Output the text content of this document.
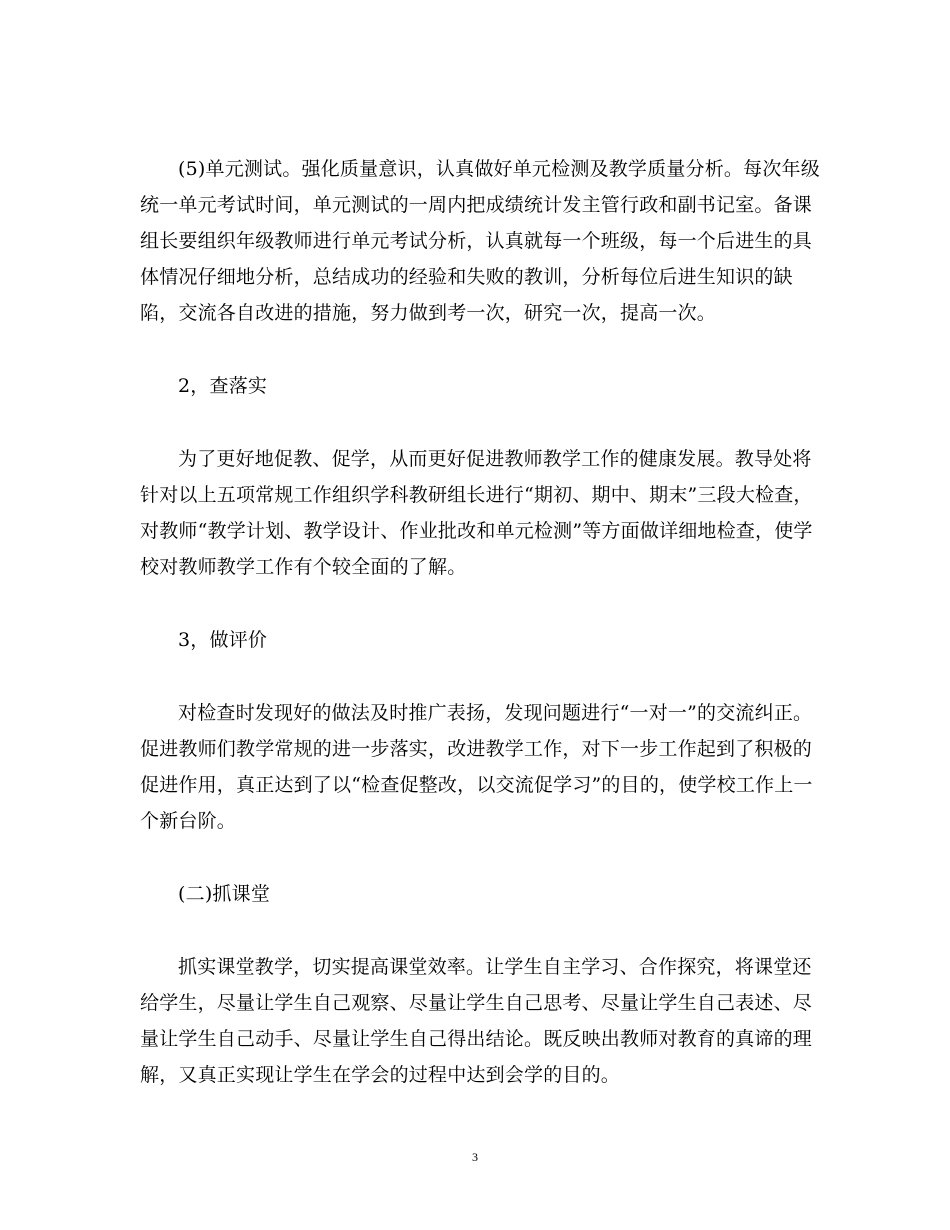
(5)单元测试。强化质量意识，认真做好单元检测及教学质量分析。每次年级
统一单元考试时间，单元测试的一周内把成绩统计发主管行政和副书记室。备课
组长要组织年级教师进行单元考试分析，认真就每一个班级，每一个后进生的具
体情况仔细地分析，总结成功的经验和失败的教训，分析每位后进生知识的缺
陷，交流各自改进的措施，努力做到考一次，研究一次，提高一次。
2，查落实
为了更好地促教、促学，从而更好促进教师教学工作的健康发展。教导处将
针对以上五项常规工作组织学科教研组长进行“期初、期中、期末”三段大检查，
对教师“教学计划、教学设计、作业批改和单元检测”等方面做详细地检查，使学
校对教师教学工作有个较全面的了解。
3，做评价
对检查时发现好的做法及时推广表扬，发现问题进行“一对一”的交流纠正。
促进教师们教学常规的进一步落实，改进教学工作，对下一步工作起到了积极的
促进作用，真正达到了以“检查促整改，以交流促学习”的目的，使学校工作上一
个新台阶。
(二)抓课堂
抓实课堂教学，切实提高课堂效率。让学生自主学习、合作探究，将课堂还
给学生，尽量让学生自己观察、尽量让学生自己思考、尽量让学生自己表述、尽
量让学生自己动手、尽量让学生自己得出结论。既反映出教师对教育的真谛的理
解，又真正实现让学生在学会的过程中达到会学的目的。
3
